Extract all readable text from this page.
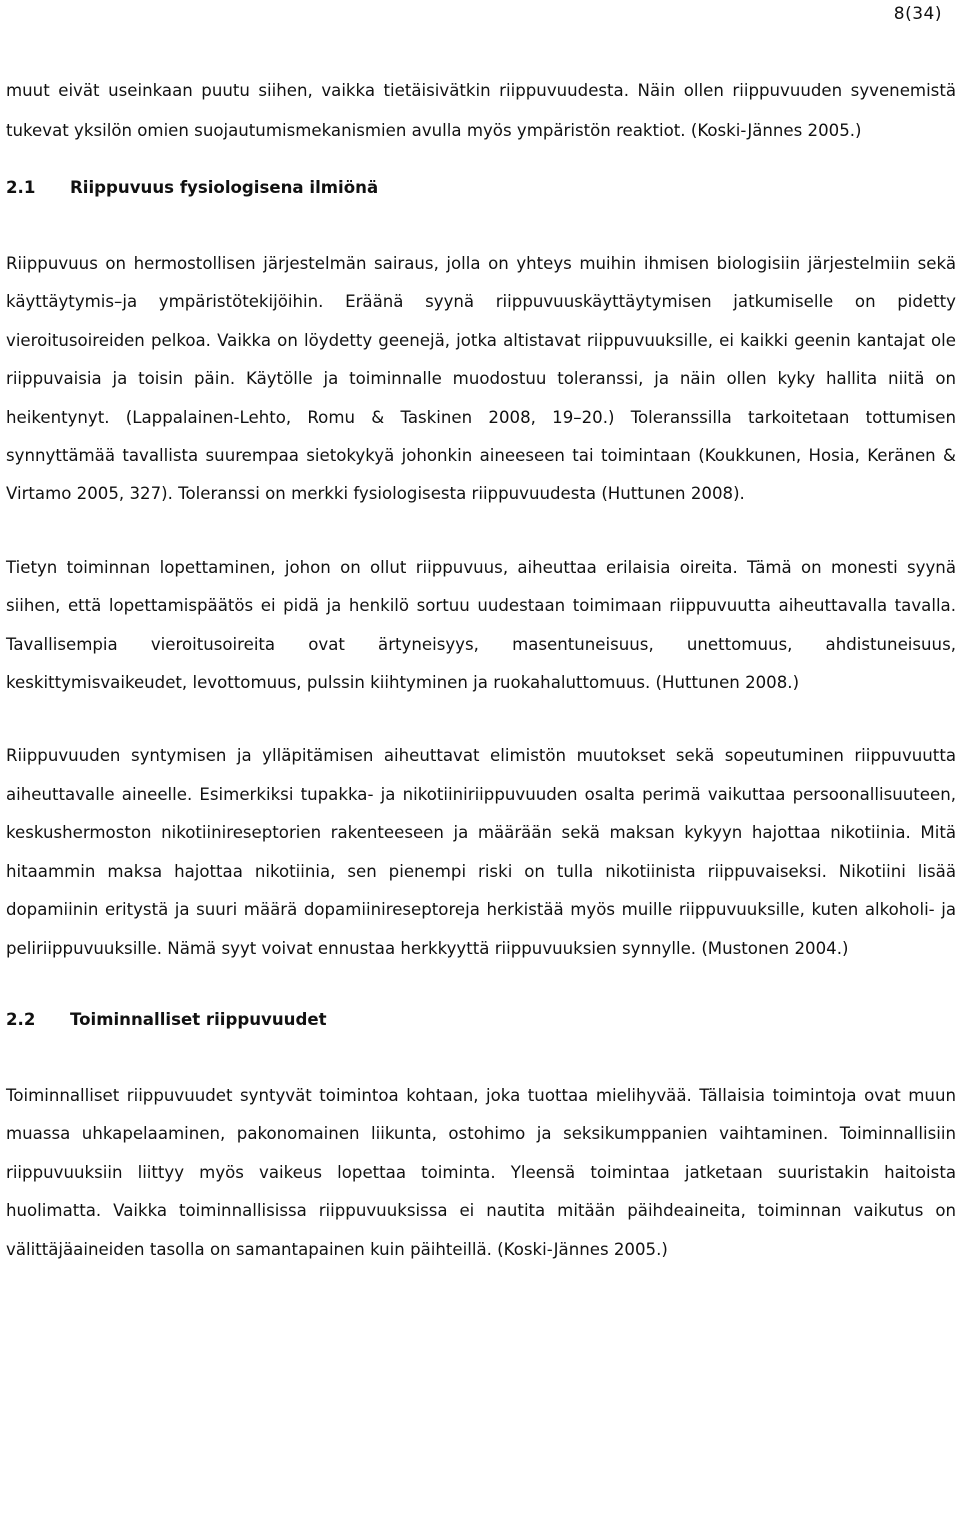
8(34)

muut eivät useinkaan puutu siihen, vaikka tietäisivätkin riippuvuudesta. Näin ollen riippuvuuden syvenemistä tukevat yksilön omien suojautumismekanismien avulla myös ympäristön reaktiot. (Koski-Jännes 2005.)

2.1	Riippuvuus fysiologisena ilmiönä

Riippuvuus on hermostollisen järjestelmän sairaus, jolla on yhteys muihin ihmisen biologisiin järjestelmiin sekä käyttäytymis–ja ympäristötekijöihin. Eräänä syynä riippuvuuskäyttäytymisen jatkumiselle on pidetty vieroitusoireiden pelkoa. Vaikka on löydetty geenejä, jotka altistavat riippuvuuksille, ei kaikki geenin kantajat ole riippuvaisia ja toisin päin. Käytölle ja toiminnalle muodostuu toleranssi, ja näin ollen kyky hallita niitä on heikentynyt. (Lappalainen-Lehto, Romu & Taskinen 2008, 19–20.) Toleranssilla tarkoitetaan tottumisen synnyttämää tavallista suurempaa sietokykyä johonkin aineeseen tai toimintaan (Koukkunen, Hosia, Keränen & Virtamo 2005, 327). Toleranssi on merkki fysiologisesta riippuvuudesta (Huttunen 2008).

Tietyn toiminnan lopettaminen, johon on ollut riippuvuus, aiheuttaa erilaisia oireita. Tämä on monesti syynä siihen, että lopettamispäätös ei pidä ja henkilö sortuu uudestaan toimimaan riippuvuutta aiheuttavalla tavalla. Tavallisempia vieroitusoireita ovat ärtyneisyys, masentuneisuus, unettomuus, ahdistuneisuus, keskittymisvaikeudet, levottomuus, pulssin kiihtyminen ja ruokahaluttomuus. (Huttunen 2008.)

Riippuvuuden syntymisen ja ylläpitämisen aiheuttavat elimistön muutokset sekä sopeutuminen riippuvuutta aiheuttavalle aineelle. Esimerkiksi tupakka- ja nikotiiniriippuvuuden osalta perimä vaikuttaa persoonallisuuteen, keskushermoston nikotiinireseptorien rakenteeseen ja määrään sekä maksan kykyyn hajottaa nikotiinia. Mitä hitaammin maksa hajottaa nikotiinia, sen pienempi riski on tulla nikotiinista riippuvaiseksi. Nikotiini lisää dopamiinin eritystä ja suuri määrä dopamiinireseptoreja herkistää myös muille riippuvuuksille, kuten alkoholi- ja peliriippuvuuksille. Nämä syyt voivat ennustaa herkkyyttä riippuvuuksien synnylle. (Mustonen 2004.)

2.2	Toiminnalliset riippuvuudet

Toiminnalliset riippuvuudet syntyvät toimintoa kohtaan, joka tuottaa mielihyvää. Tällaisia toimintoja ovat muun muassa uhkapelaaminen, pakonomainen liikunta, ostohimo ja seksikumppanien vaihtaminen. Toiminnallisiin riippuvuuksiin liittyy myös vaikeus lopettaa toiminta. Yleensä toimintaa jatketaan suuristakin haitoista huolimatta. Vaikka toiminnallisissa riippuvuuksissa ei nautita mitään päihdeaineita, toiminnan vaikutus on välittäjäaineiden tasolla on samantapainen kuin päihteillä. (Koski-Jännes 2005.)
